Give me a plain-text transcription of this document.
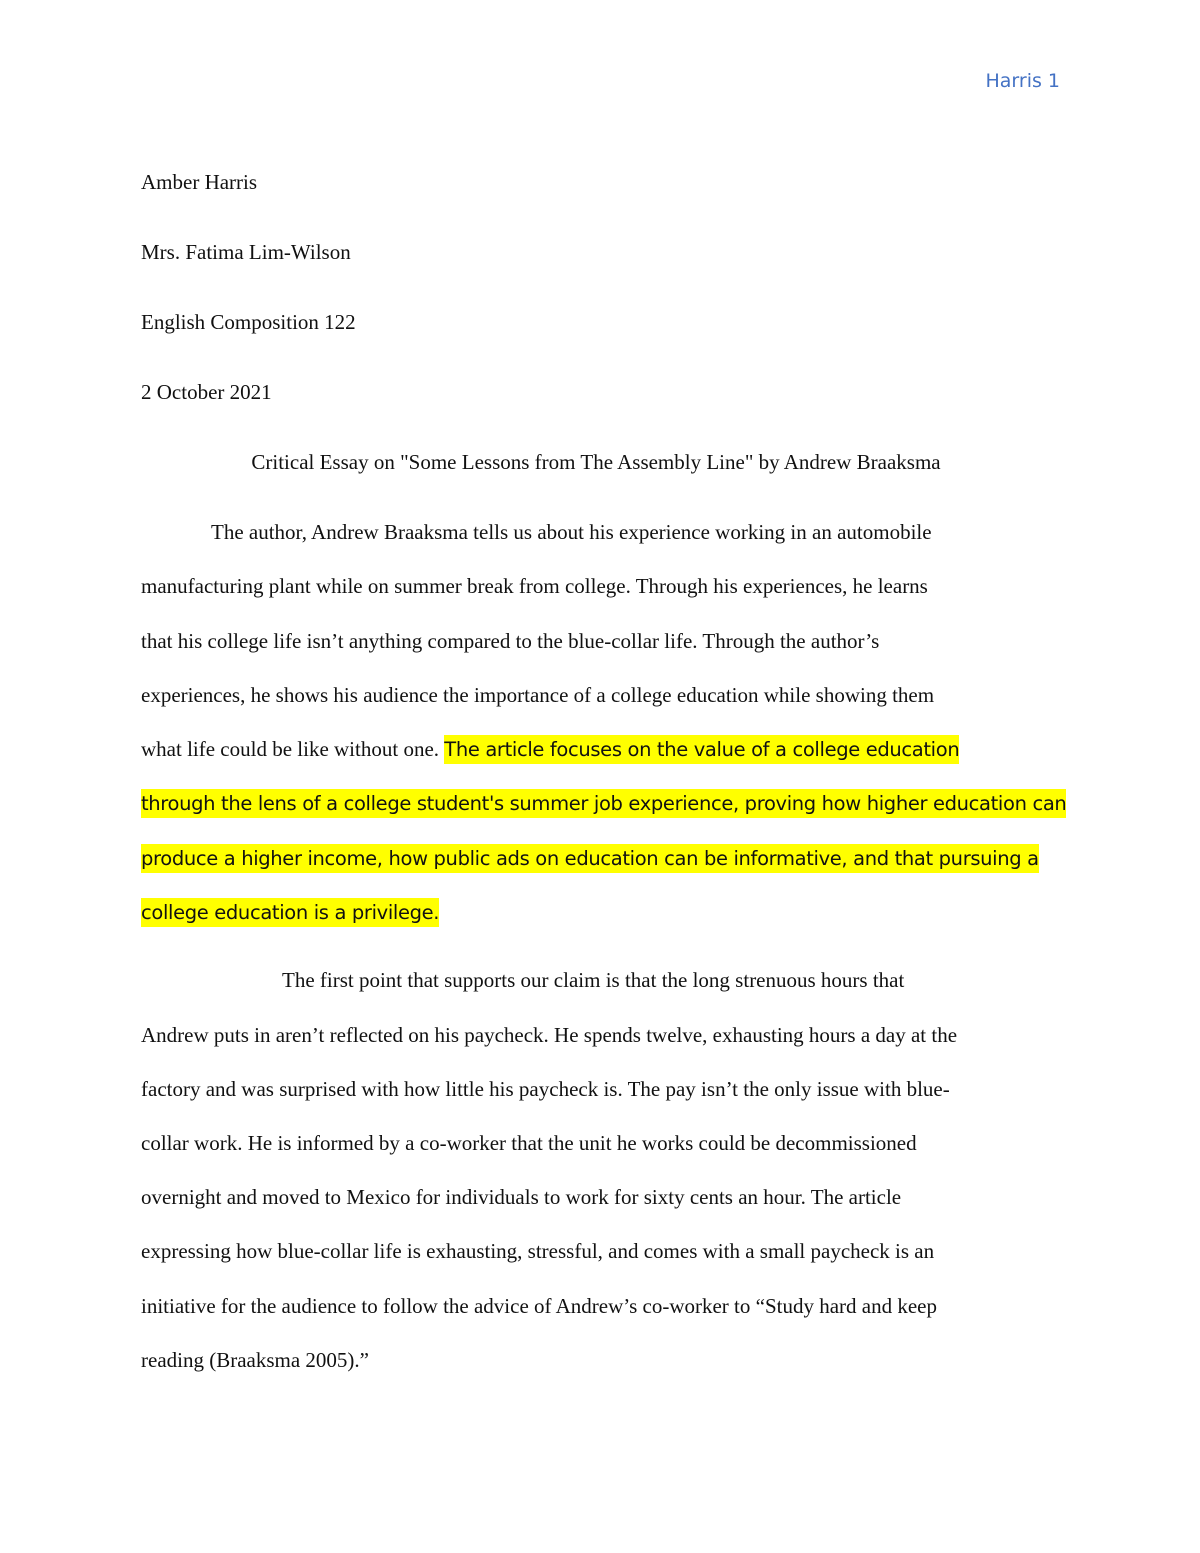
Harris 1
Amber Harris
Mrs. Fatima Lim-Wilson
English Composition 122
2 October 2021
Critical Essay on "Some Lessons from The Assembly Line" by Andrew Braaksma
The author, Andrew Braaksma tells us about his experience working in an automobile
manufacturing plant while on summer break from college. Through his experiences, he learns
that his college life isn’t anything compared to the blue-collar life. Through the author’s
experiences, he shows his audience the importance of a college education while showing them
what life could be like without one. The article focuses on the value of a college education
through the lens of a college student's summer job experience, proving how higher education can
produce a higher income, how public ads on education can be informative, and that pursuing a
college education is a privilege.
The first point that supports our claim is that the long strenuous hours that
Andrew puts in aren’t reflected on his paycheck. He spends twelve, exhausting hours a day at the
factory and was surprised with how little his paycheck is. The pay isn’t the only issue with blue-
collar work. He is informed by a co-worker that the unit he works could be decommissioned
overnight and moved to Mexico for individuals to work for sixty cents an hour. The article
expressing how blue-collar life is exhausting, stressful, and comes with a small paycheck is an
initiative for the audience to follow the advice of Andrew’s co-worker to “Study hard and keep
reading (Braaksma 2005).”
